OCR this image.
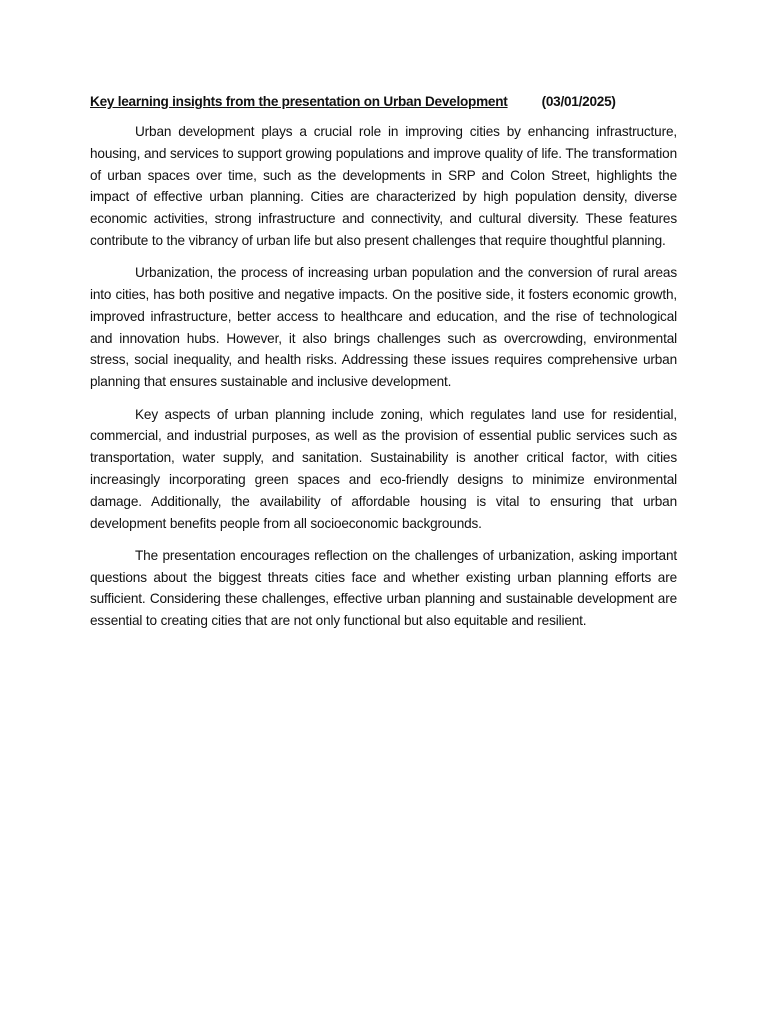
Key learning insights from the presentation on Urban Development	(03/01/2025)

Urban development plays a crucial role in improving cities by enhancing infrastructure, housing, and services to support growing populations and improve quality of life. The transformation of urban spaces over time, such as the developments in SRP and Colon Street, highlights the impact of effective urban planning. Cities are characterized by high population density, diverse economic activities, strong infrastructure and connectivity, and cultural diversity. These features contribute to the vibrancy of urban life but also present challenges that require thoughtful planning.

Urbanization, the process of increasing urban population and the conversion of rural areas into cities, has both positive and negative impacts. On the positive side, it fosters economic growth, improved infrastructure, better access to healthcare and education, and the rise of technological and innovation hubs. However, it also brings challenges such as overcrowding, environmental stress, social inequality, and health risks. Addressing these issues requires comprehensive urban planning that ensures sustainable and inclusive development.

Key aspects of urban planning include zoning, which regulates land use for residential, commercial, and industrial purposes, as well as the provision of essential public services such as transportation, water supply, and sanitation. Sustainability is another critical factor, with cities increasingly incorporating green spaces and eco-friendly designs to minimize environmental damage. Additionally, the availability of affordable housing is vital to ensuring that urban development benefits people from all socioeconomic backgrounds.

The presentation encourages reflection on the challenges of urbanization, asking important questions about the biggest threats cities face and whether existing urban planning efforts are sufficient. Considering these challenges, effective urban planning and sustainable development are essential to creating cities that are not only functional but also equitable and resilient.
